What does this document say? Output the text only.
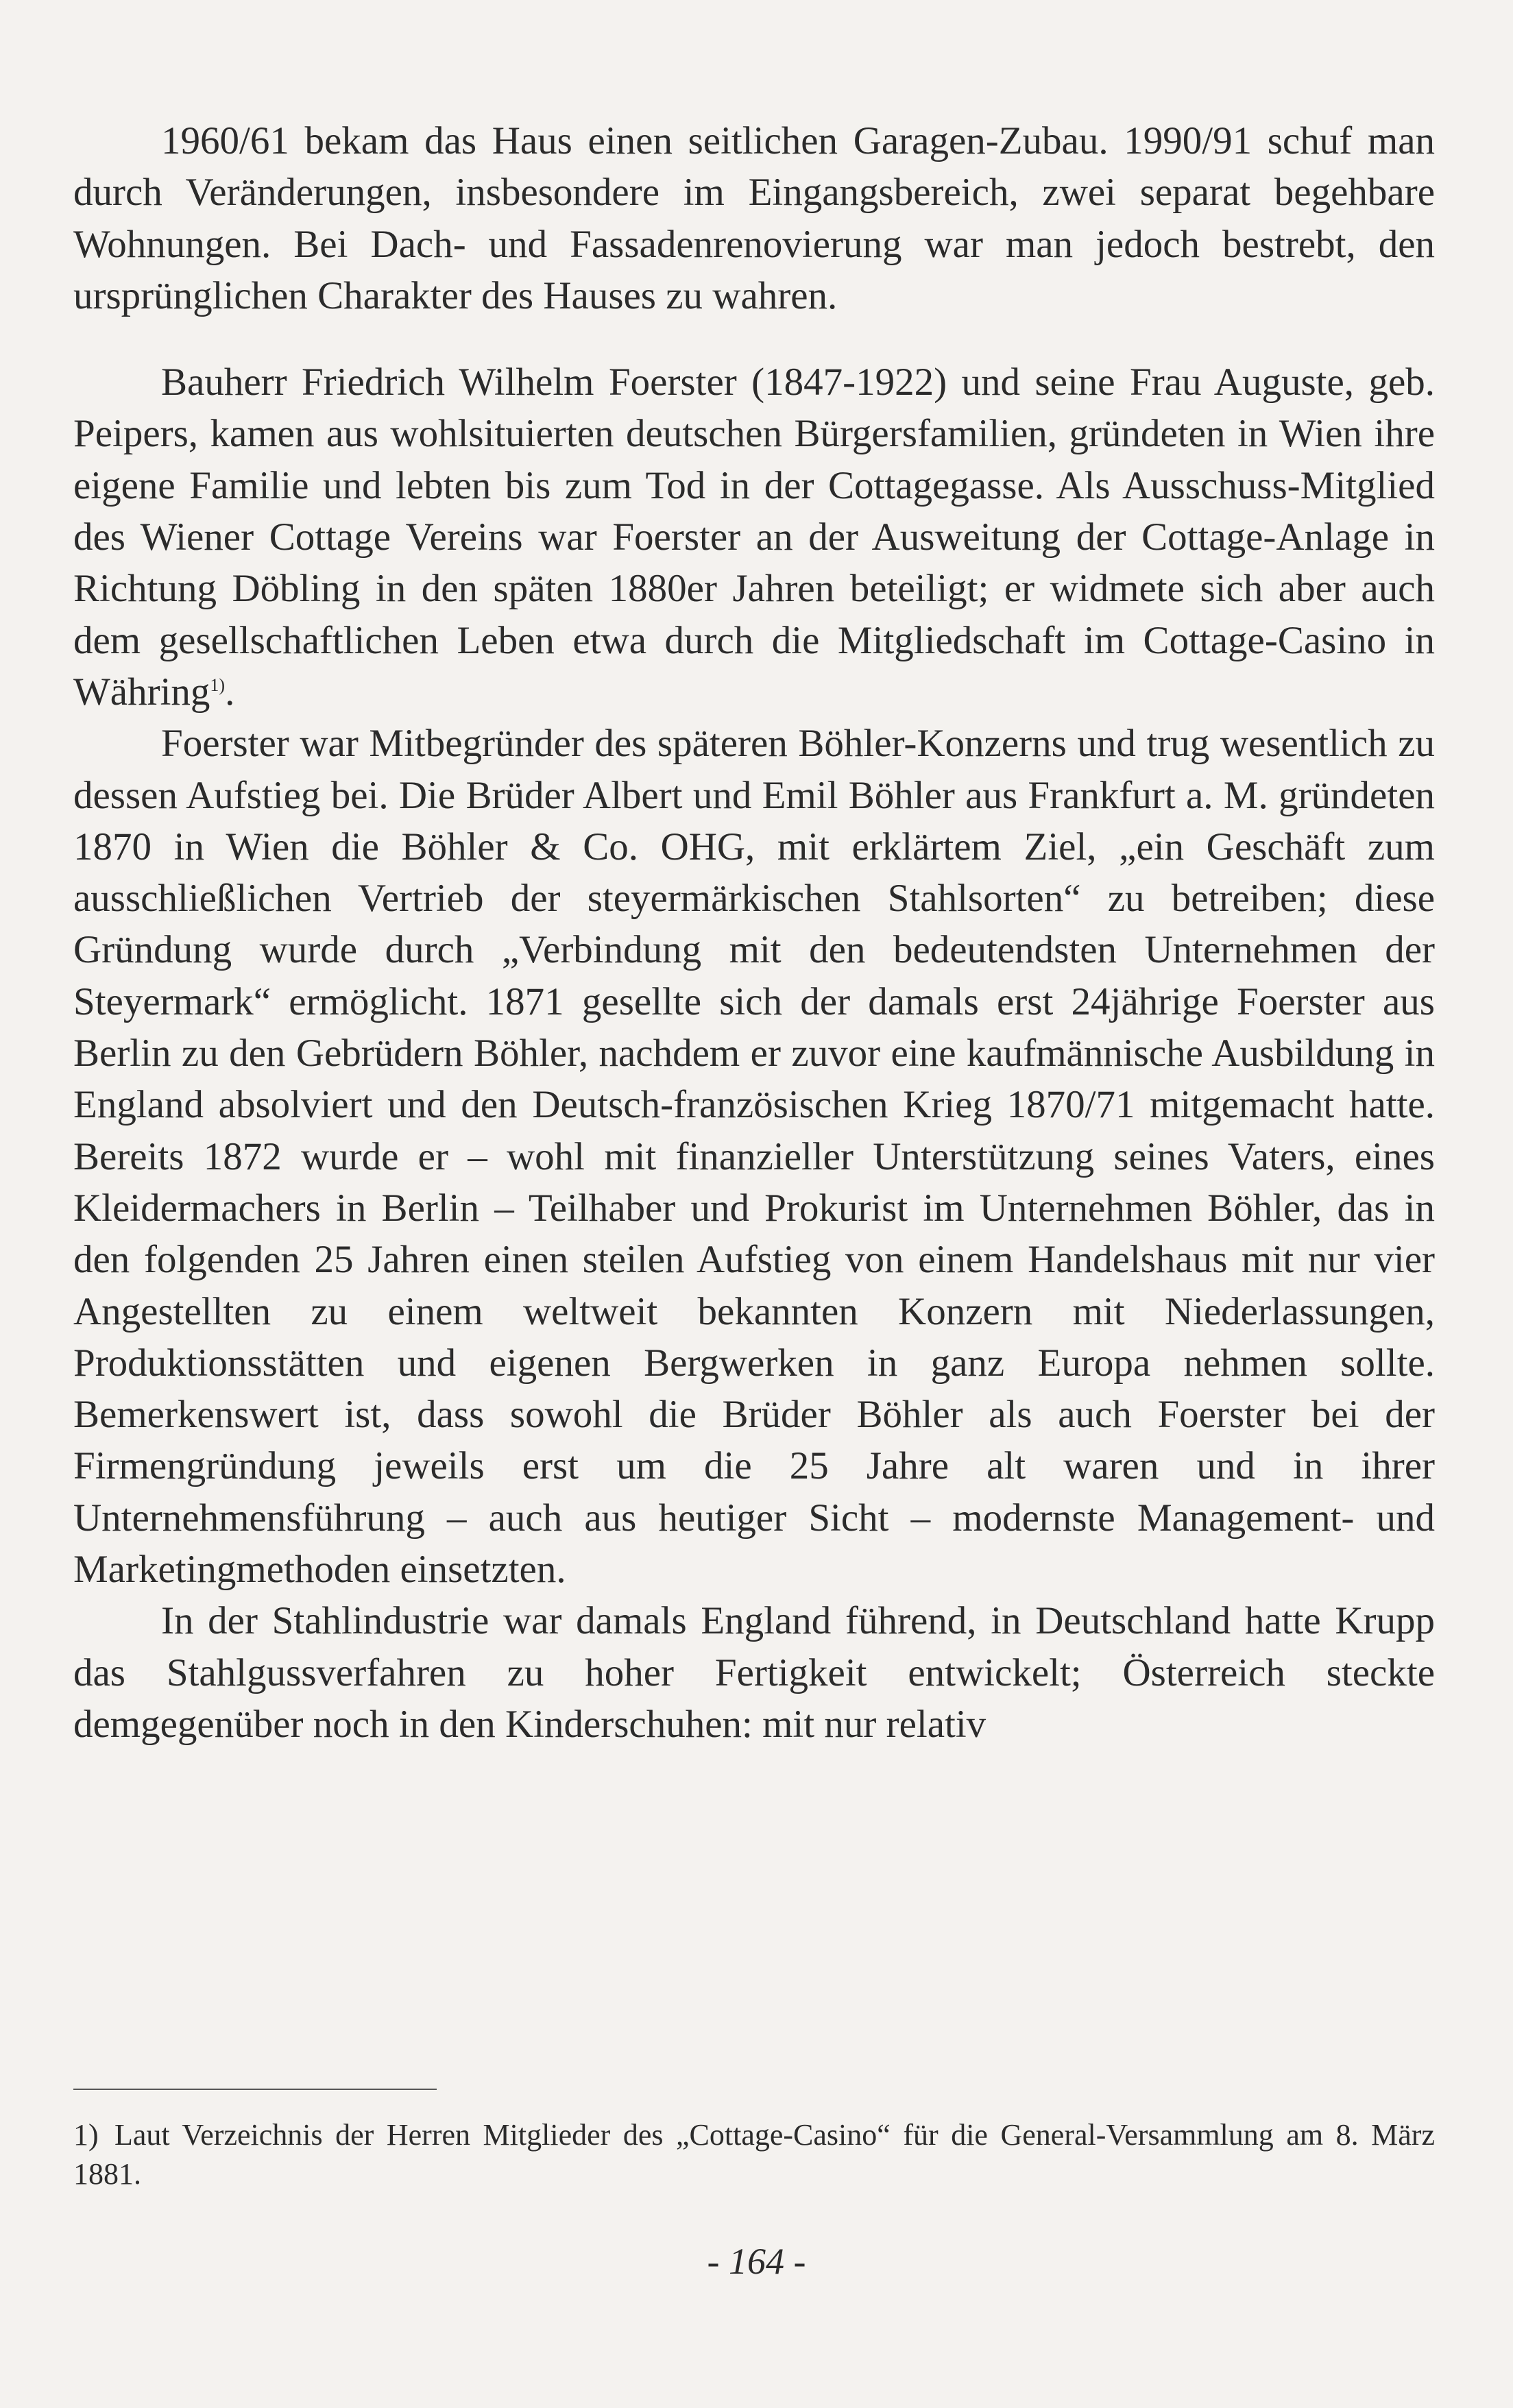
1960/61 bekam das Haus einen seitlichen Garagen-Zubau. 1990/91 schuf man durch Veränderungen, insbesondere im Eingangsbereich, zwei separat begehbare Wohnungen. Bei Dach- und Fassadenrenovierung war man jedoch bestrebt, den ursprünglichen Charakter des Hauses zu wahren.

Bauherr Friedrich Wilhelm Foerster (1847-1922) und seine Frau Auguste, geb. Peipers, kamen aus wohlsituierten deutschen Bürgersfamilien, gründeten in Wien ihre eigene Familie und lebten bis zum Tod in der Cottagegasse. Als Ausschuss-Mitglied des Wiener Cottage Vereins war Foerster an der Ausweitung der Cottage-Anlage in Richtung Döbling in den späten 1880er Jahren beteiligt; er widmete sich aber auch dem gesellschaftlichen Leben etwa durch die Mitgliedschaft im Cottage-Casino in Währing$^{1)}$.

Foerster war Mitbegründer des späteren Böhler-Konzerns und trug wesentlich zu dessen Aufstieg bei. Die Brüder Albert und Emil Böhler aus Frankfurt a. M. gründeten 1870 in Wien die Böhler & Co. OHG, mit erklärtem Ziel, „ein Geschäft zum ausschließlichen Vertrieb der steyermärkischen Stahlsorten“ zu betreiben; diese Gründung wurde durch „Verbindung mit den bedeutendsten Unternehmen der Steyermark“ ermöglicht. 1871 gesellte sich der damals erst 24jährige Foerster aus Berlin zu den Gebrüdern Böhler, nachdem er zuvor eine kaufmännische Ausbildung in England absolviert und den Deutsch-französischen Krieg 1870/71 mitgemacht hatte. Bereits 1872 wurde er – wohl mit finanzieller Unterstützung seines Vaters, eines Kleidermachers in Berlin – Teilhaber und Prokurist im Unternehmen Böhler, das in den folgenden 25 Jahren einen steilen Aufstieg von einem Handelshaus mit nur vier Angestellten zu einem weltweit bekannten Konzern mit Niederlassungen, Produktionsstätten und eigenen Bergwerken in ganz Europa nehmen sollte. Bemerkenswert ist, dass sowohl die Brüder Böhler als auch Foerster bei der Firmengründung jeweils erst um die 25 Jahre alt waren und in ihrer Unternehmensführung – auch aus heutiger Sicht – modernste Management- und Marketingmethoden einsetzten.

In der Stahlindustrie war damals England führend, in Deutschland hatte Krupp das Stahlgussverfahren zu hoher Fertigkeit entwickelt; Österreich steckte demgegenüber noch in den Kinderschuhen: mit nur relativ

1) Laut Verzeichnis der Herren Mitglieder des „Cottage-Casino“ für die General-Versammlung am 8. März 1881.

- 164 -
